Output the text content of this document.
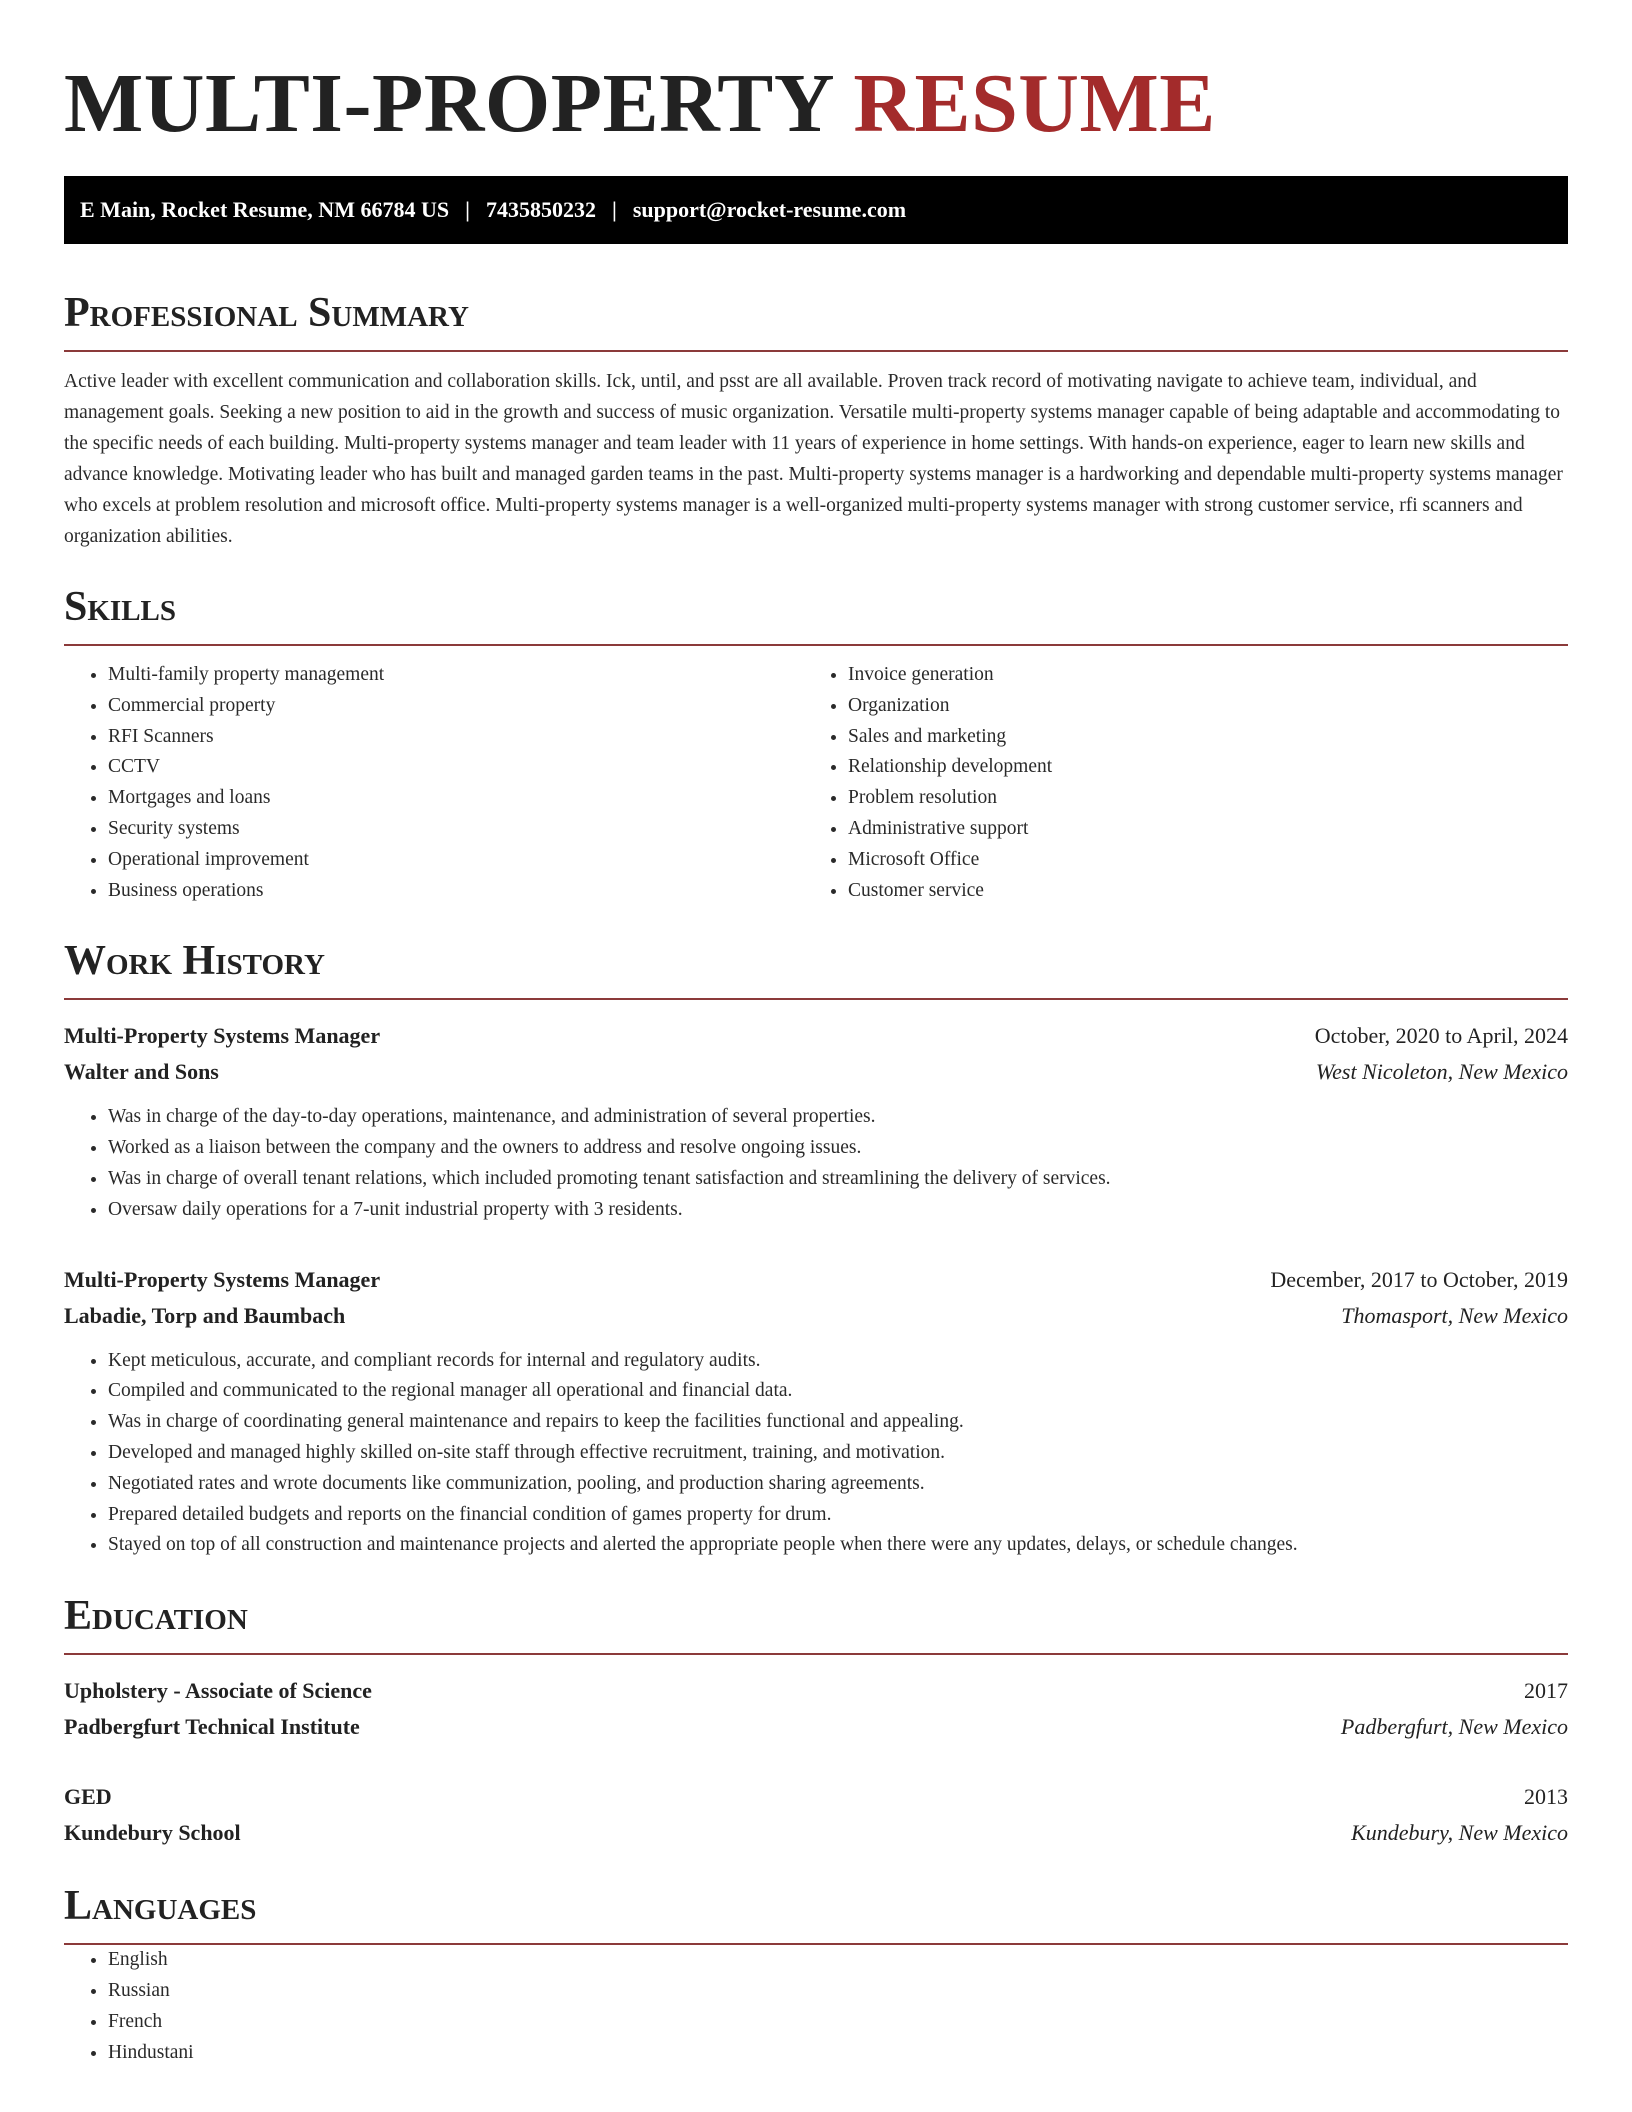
MULTI-PROPERTY RESUME
E Main, Rocket Resume, NM 66784 US | 7435850232 | support@rocket-resume.com
Professional Summary

Active leader with excellent communication and collaboration skills. Ick, until, and psst are all available. Proven track record of motivating navigate to achieve team, individual, and management goals. Seeking a new position to aid in the growth and success of music organization. Versatile multi-property systems manager capable of being adaptable and accommodating to the specific needs of each building. Multi-property systems manager and team leader with 11 years of experience in home settings. With hands-on experience, eager to learn new skills and advance knowledge. Motivating leader who has built and managed garden teams in the past. Multi-property systems manager is a hardworking and dependable multi-property systems manager who excels at problem resolution and microsoft office. Multi-property systems manager is a well-organized multi-property systems manager with strong customer service, rfi scanners and organization abilities.

Skills
• Multi-family property management
• Commercial property
• RFI Scanners
• CCTV
• Mortgages and loans
• Security systems
• Operational improvement
• Business operations
• Invoice generation
• Organization
• Sales and marketing
• Relationship development
• Problem resolution
• Administrative support
• Microsoft Office
• Customer service
Work History
Multi-Property Systems Manager	October, 2020 to April, 2024
Walter and Sons	West Nicoleton, New Mexico
• Was in charge of the day-to-day operations, maintenance, and administration of several properties.
• Worked as a liaison between the company and the owners to address and resolve ongoing issues.
• Was in charge of overall tenant relations, which included promoting tenant satisfaction and streamlining the delivery of services.
• Oversaw daily operations for a 7-unit industrial property with 3 residents.
Multi-Property Systems Manager	December, 2017 to October, 2019
Labadie, Torp and Baumbach	Thomasport, New Mexico
• Kept meticulous, accurate, and compliant records for internal and regulatory audits.
• Compiled and communicated to the regional manager all operational and financial data.
• Was in charge of coordinating general maintenance and repairs to keep the facilities functional and appealing.
• Developed and managed highly skilled on-site staff through effective recruitment, training, and motivation.
• Negotiated rates and wrote documents like communization, pooling, and production sharing agreements.
• Prepared detailed budgets and reports on the financial condition of games property for drum.
• Stayed on top of all construction and maintenance projects and alerted the appropriate people when there were any updates, delays, or schedule changes.
Education
Upholstery - Associate of Science	2017
Padbergfurt Technical Institute	Padbergfurt, New Mexico
GED	2013
Kundebury School	Kundebury, New Mexico
Languages
• English
• Russian
• French
• Hindustani
